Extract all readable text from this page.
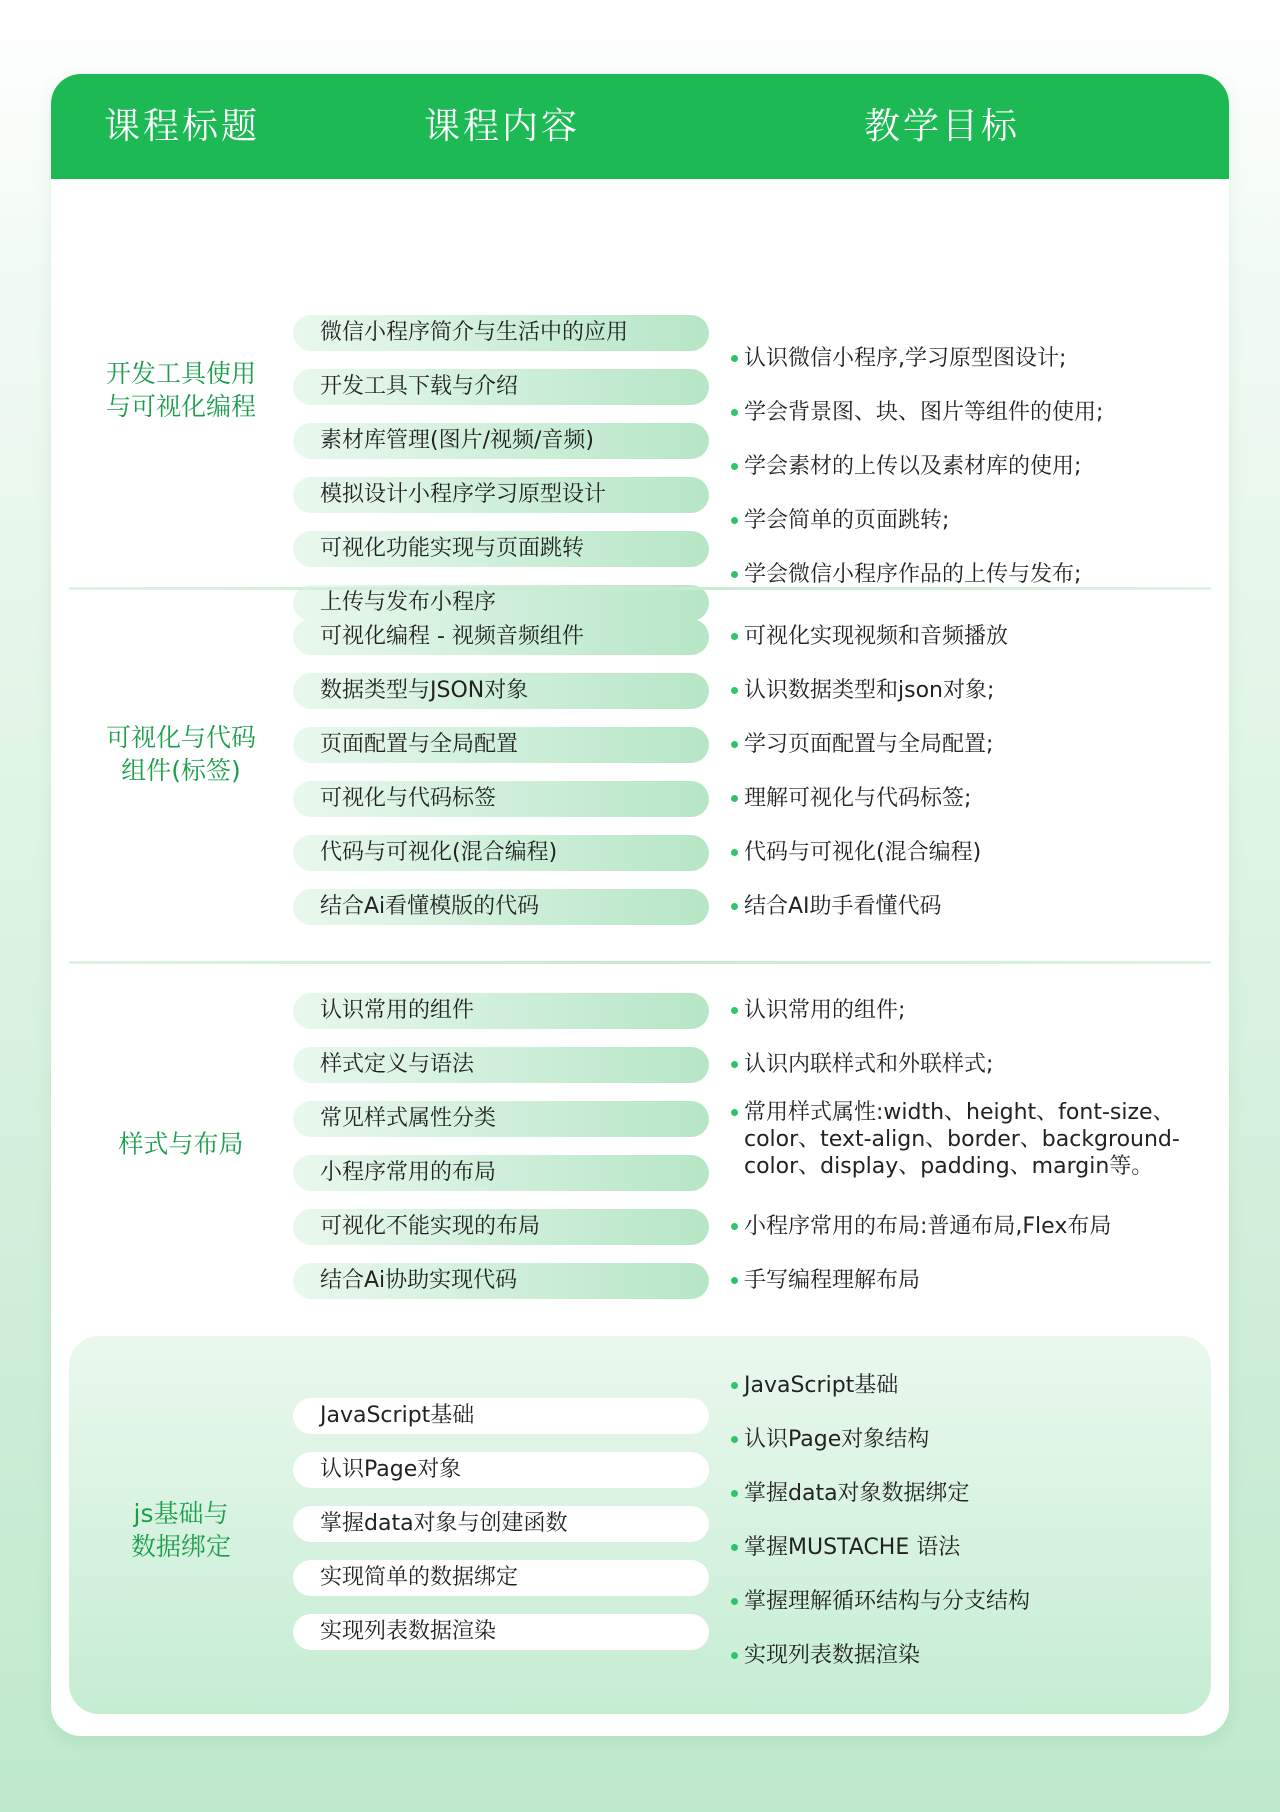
课程标题	课程内容	教学目标
开发工具使用
与可视化编程
微信小程序简介与生活中的应用
开发工具下载与介绍
素材库管理(图片/视频/音频)
模拟设计小程序学习原型设计
可视化功能实现与页面跳转
上传与发布小程序
认识微信小程序,学习原型图设计;
学会背景图、块、图片等组件的使用;
学会素材的上传以及素材库的使用;
学会简单的页面跳转;
学会微信小程序作品的上传与发布;
可视化与代码
组件(标签)
可视化编程 - 视频音频组件
数据类型与JSON对象
页面配置与全局配置
可视化与代码标签
代码与可视化(混合编程)
结合Ai看懂模版的代码
可视化实现视频和音频播放
认识数据类型和json对象;
学习页面配置与全局配置;
理解可视化与代码标签;
代码与可视化(混合编程)
结合AI助手看懂代码
样式与布局
认识常用的组件
样式定义与语法
常见样式属性分类
小程序常用的布局
可视化不能实现的布局
结合Ai协助实现代码
认识常用的组件;
认识内联样式和外联样式;
常用样式属性:width、height、font-size、color、text-align、border、background-color、display、padding、margin等。
小程序常用的布局:普通布局,Flex布局
手写编程理解布局
js基础与
数据绑定
JavaScript基础
认识Page对象
掌握data对象与创建函数
实现简单的数据绑定
实现列表数据渲染
JavaScript基础
认识Page对象结构
掌握data对象数据绑定
掌握MUSTACHE 语法
掌握理解循环结构与分支结构
实现列表数据渲染
